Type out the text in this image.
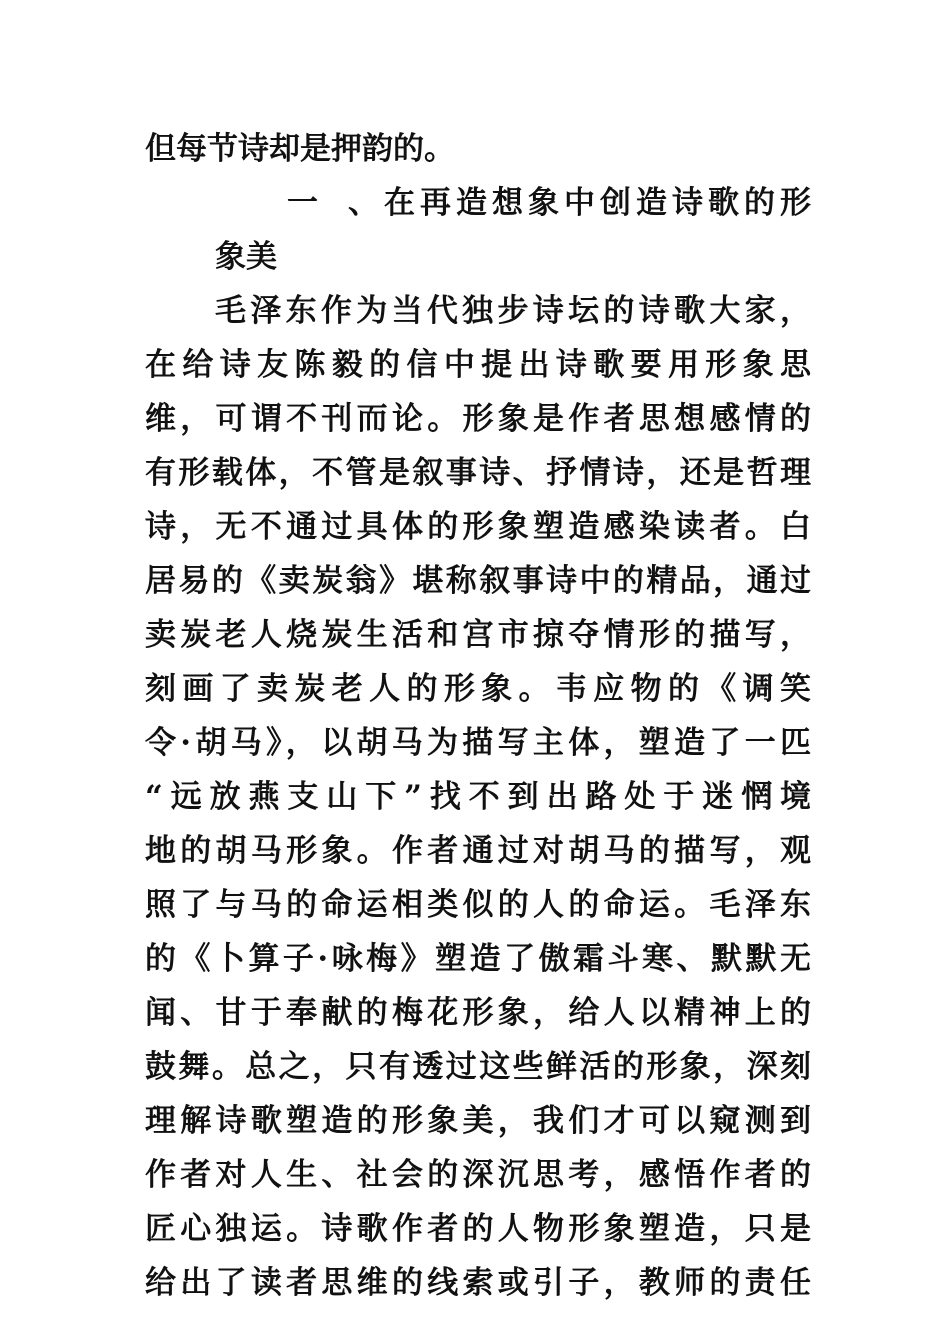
但每节诗却是押韵的。
一、在再造想象中创造诗歌的形
象美
毛泽东作为当代独步诗坛的诗歌大家，
在给诗友陈毅的信中提出诗歌要用形象思
维，可谓不刊而论。形象是作者思想感情的
有形载体，不管是叙事诗、抒情诗，还是哲理
诗，无不通过具体的形象塑造感染读者。白
居易的《卖炭翁》堪称叙事诗中的精品，通过
卖炭老人烧炭生活和宫市掠夺情形的描写，
刻画了卖炭老人的形象。韦应物的《调笑
令·胡马》，以胡马为描写主体，塑造了一匹
“远放燕支山下”找不到出路处于迷惘境
地的胡马形象。作者通过对胡马的描写，观
照了与马的命运相类似的人的命运。毛泽东
的《卜算子·咏梅》塑造了傲霜斗寒、默默无
闻、甘于奉献的梅花形象，给人以精神上的
鼓舞。总之，只有透过这些鲜活的形象，深刻
理解诗歌塑造的形象美，我们才可以窥测到
作者对人生、社会的深沉思考，感悟作者的
匠心独运。诗歌作者的人物形象塑造，只是
给出了读者思维的线索或引子，教师的责任
